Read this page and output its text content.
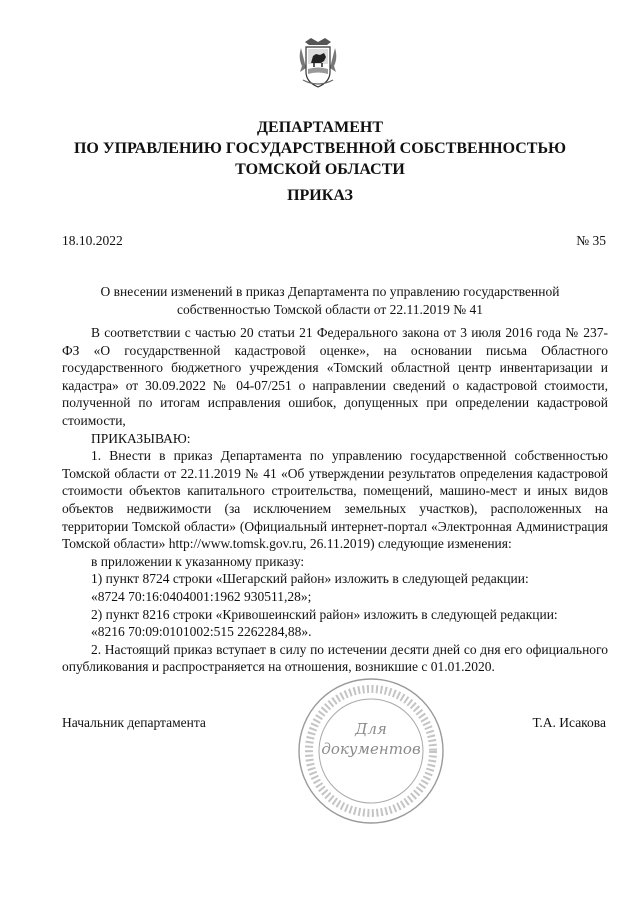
ДЕПАРТАМЕНТ
ПО УПРАВЛЕНИЮ ГОСУДАРСТВЕННОЙ СОБСТВЕННОСТЬЮ
ТОМСКОЙ ОБЛАСТИ
ПРИКАЗ
18.10.2022	№ 35
О внесении изменений в приказ Департамента по управлению государственной собственностью Томской области от 22.11.2019 № 41

В соответствии с частью 20 статьи 21 Федерального закона от 3 июля 2016 года № 237-ФЗ «О государственной кадастровой оценке», на основании письма Областного государственного бюджетного учреждения «Томский областной центр инвентаризации и кадастра» от 30.09.2022 № 04-07/251 о направлении сведений о кадастровой стоимости, полученной по итогам исправления ошибок, допущенных при определении кадастровой стоимости,

ПРИКАЗЫВАЮ:

1. Внести в приказ Департамента по управлению государственной собственностью Томской области от 22.11.2019 № 41 «Об утверждении результатов определения кадастровой стоимости объектов капитального строительства, помещений, машино-мест и иных видов объектов недвижимости (за исключением земельных участков), расположенных на территории Томской области» (Официальный интернет-портал «Электронная Администрация Томской области» http://www.tomsk.gov.ru, 26.11.2019) следующие изменения:

в приложении к указанному приказу:

1) пункт 8724 строки «Шегарский район» изложить в следующей редакции:

«8724 70:16:0404001:1962 930511,28»;

2) пункт 8216 строки «Кривошеинский район» изложить в следующей редакции:

«8216 70:09:0101002:515 2262284,88».

2. Настоящий приказ вступает в силу по истечении десяти дней со дня его официального опубликования и распространяется на отношения, возникшие с 01.01.2020.

Начальник департамента	Т.А. Исакова
Для
документов
